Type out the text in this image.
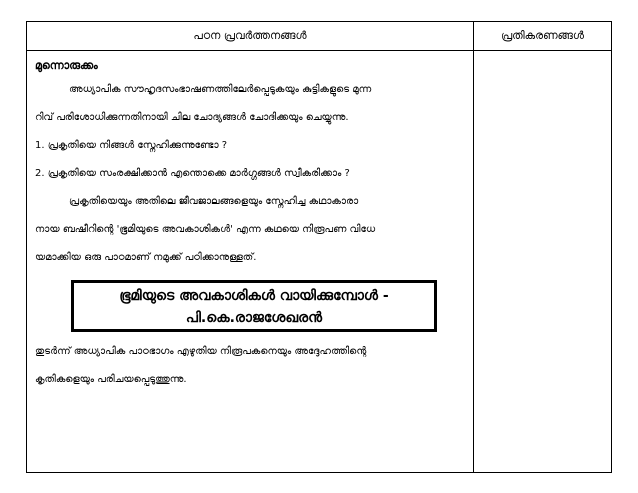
പഠന പ്രവർത്തനങ്ങൾ	പ്രതികരണങ്ങൾ

മുന്നൊരുക്കം

അധ്യാപിക സൗഹൃദസംഭാഷണത്തിലേർപ്പെടുകയും കുട്ടികളുടെ മുന്ന
റിവ് പരിശോധിക്കുന്നതിനായി ചില ചോദ്യങ്ങൾ ചോദിക്കയും ചെയ്യുന്നു.
1. പ്രകൃതിയെ നിങ്ങൾ സ്നേഹിക്കുന്നുണ്ടോ ?
2. പ്രകൃതിയെ സംരക്ഷിക്കാൻ എന്തൊക്കെ മാർഗ്ഗങ്ങൾ സ്വീകരിക്കാം ?
പ്രകൃതിയെയും അതിലെ ജീവജാലങ്ങളെയും സ്നേഹിച്ച കഥാകാരാ
നായ ബഷീറിന്റെ 'ഭൂമിയുടെ അവകാശികൾ' എന്ന കഥയെ നിരൂപണ വിധേ
യമാക്കിയ ഒരു പാഠമാണ് നമുക്ക് പഠിക്കാനുള്ളത്.
ഭൂമിയുടെ അവകാശികൾ വായിക്കുമ്പോൾ -
പി.കെ.രാജശേഖരൻ
തുടർന്ന് അധ്യാപിക പാഠഭാഗം എഴുതിയ നിരൂപകനെയും അദ്ദേഹത്തിന്റെ
കൃതികളെയും പരിചയപ്പെടുത്തുന്നു.
